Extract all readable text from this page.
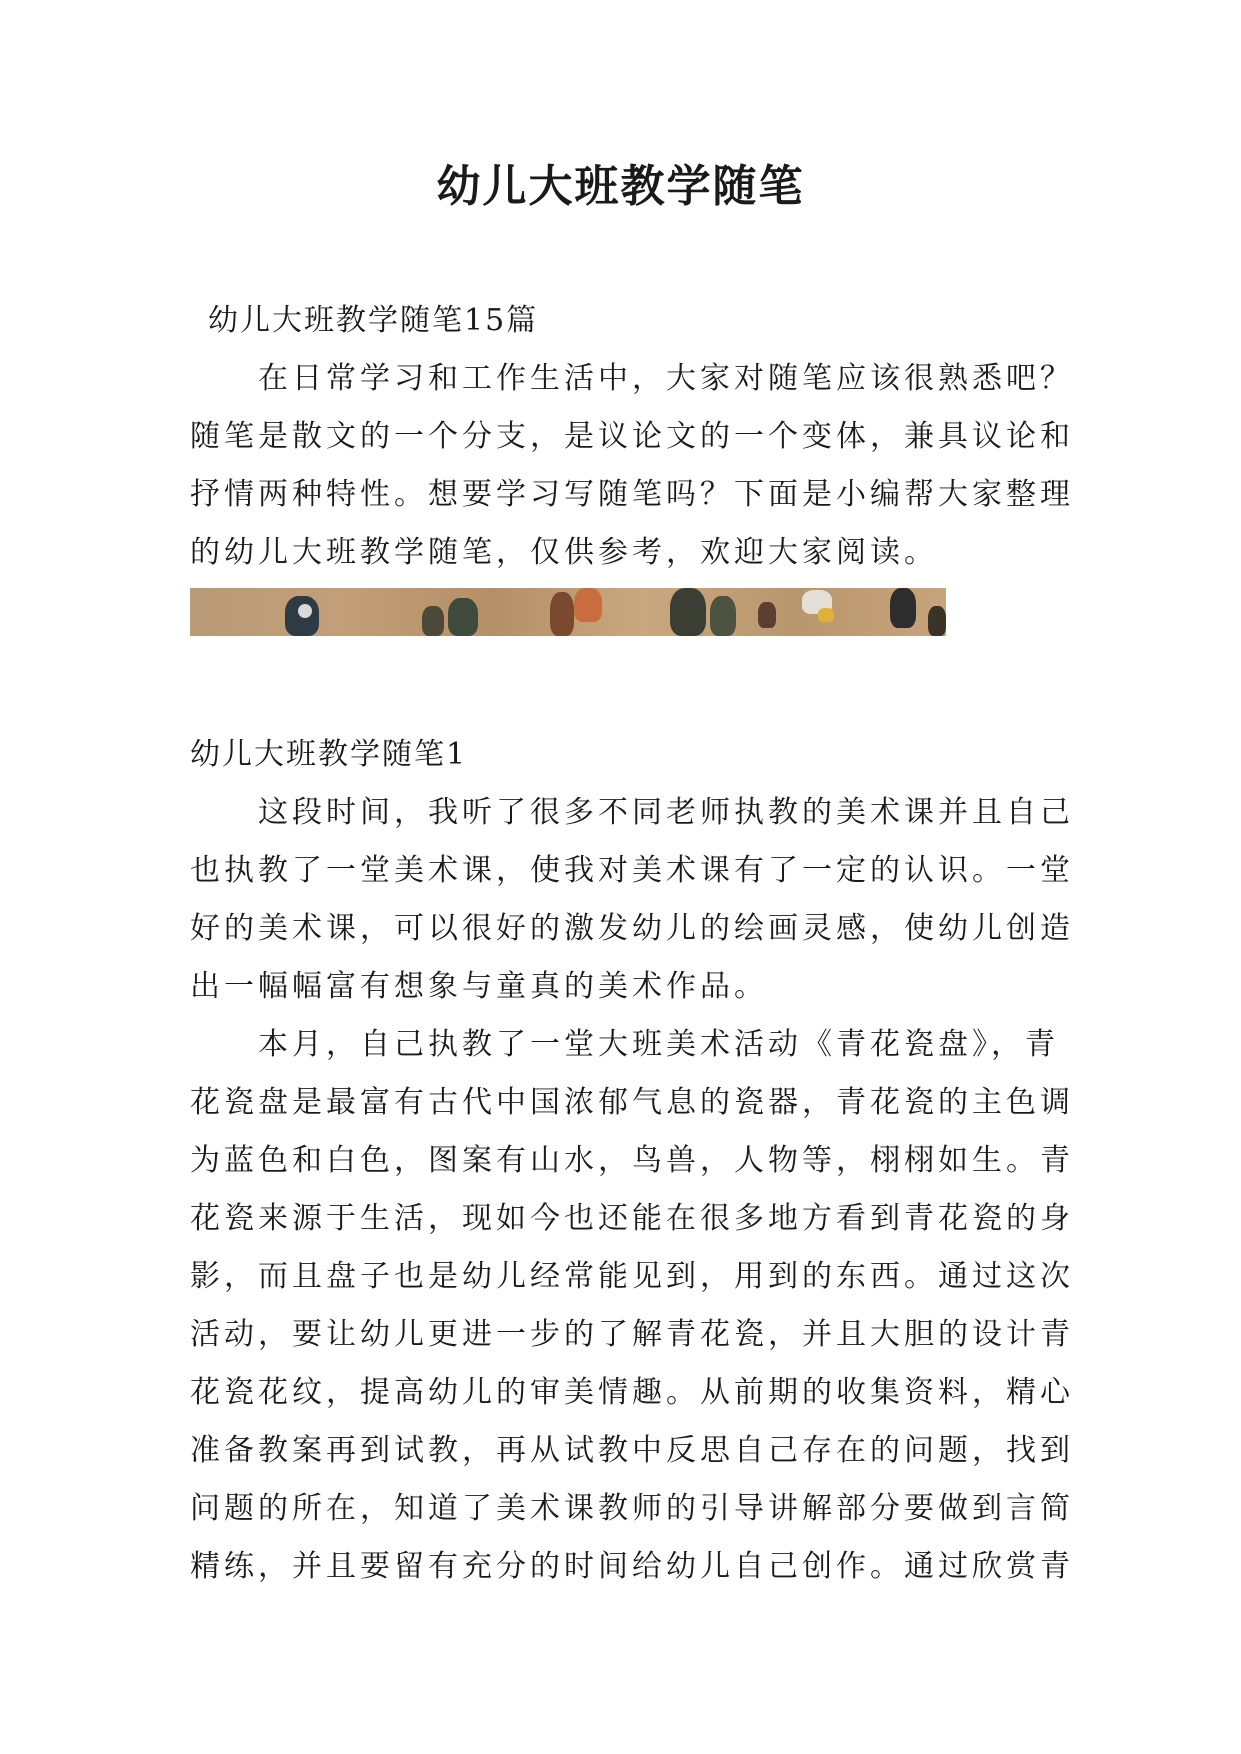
幼儿大班教学随笔
幼儿大班教学随笔15篇
在日常学习和工作生活中，大家对随笔应该很熟悉吧？
随笔是散文的一个分支，是议论文的一个变体，兼具议论和
抒情两种特性。想要学习写随笔吗？下面是小编帮大家整理
的幼儿大班教学随笔，仅供参考，欢迎大家阅读。
幼儿大班教学随笔1
这段时间，我听了很多不同老师执教的美术课并且自己
也执教了一堂美术课，使我对美术课有了一定的认识。一堂
好的美术课，可以很好的激发幼儿的绘画灵感，使幼儿创造
出一幅幅富有想象与童真的美术作品。
本月，自己执教了一堂大班美术活动《青花瓷盘》，青
花瓷盘是最富有古代中国浓郁气息的瓷器，青花瓷的主色调
为蓝色和白色，图案有山水，鸟兽，人物等，栩栩如生。青
花瓷来源于生活，现如今也还能在很多地方看到青花瓷的身
影，而且盘子也是幼儿经常能见到，用到的东西。通过这次
活动，要让幼儿更进一步的了解青花瓷，并且大胆的设计青
花瓷花纹，提高幼儿的审美情趣。从前期的收集资料，精心
准备教案再到试教，再从试教中反思自己存在的问题，找到
问题的所在，知道了美术课教师的引导讲解部分要做到言简
精练，并且要留有充分的时间给幼儿自己创作。通过欣赏青
